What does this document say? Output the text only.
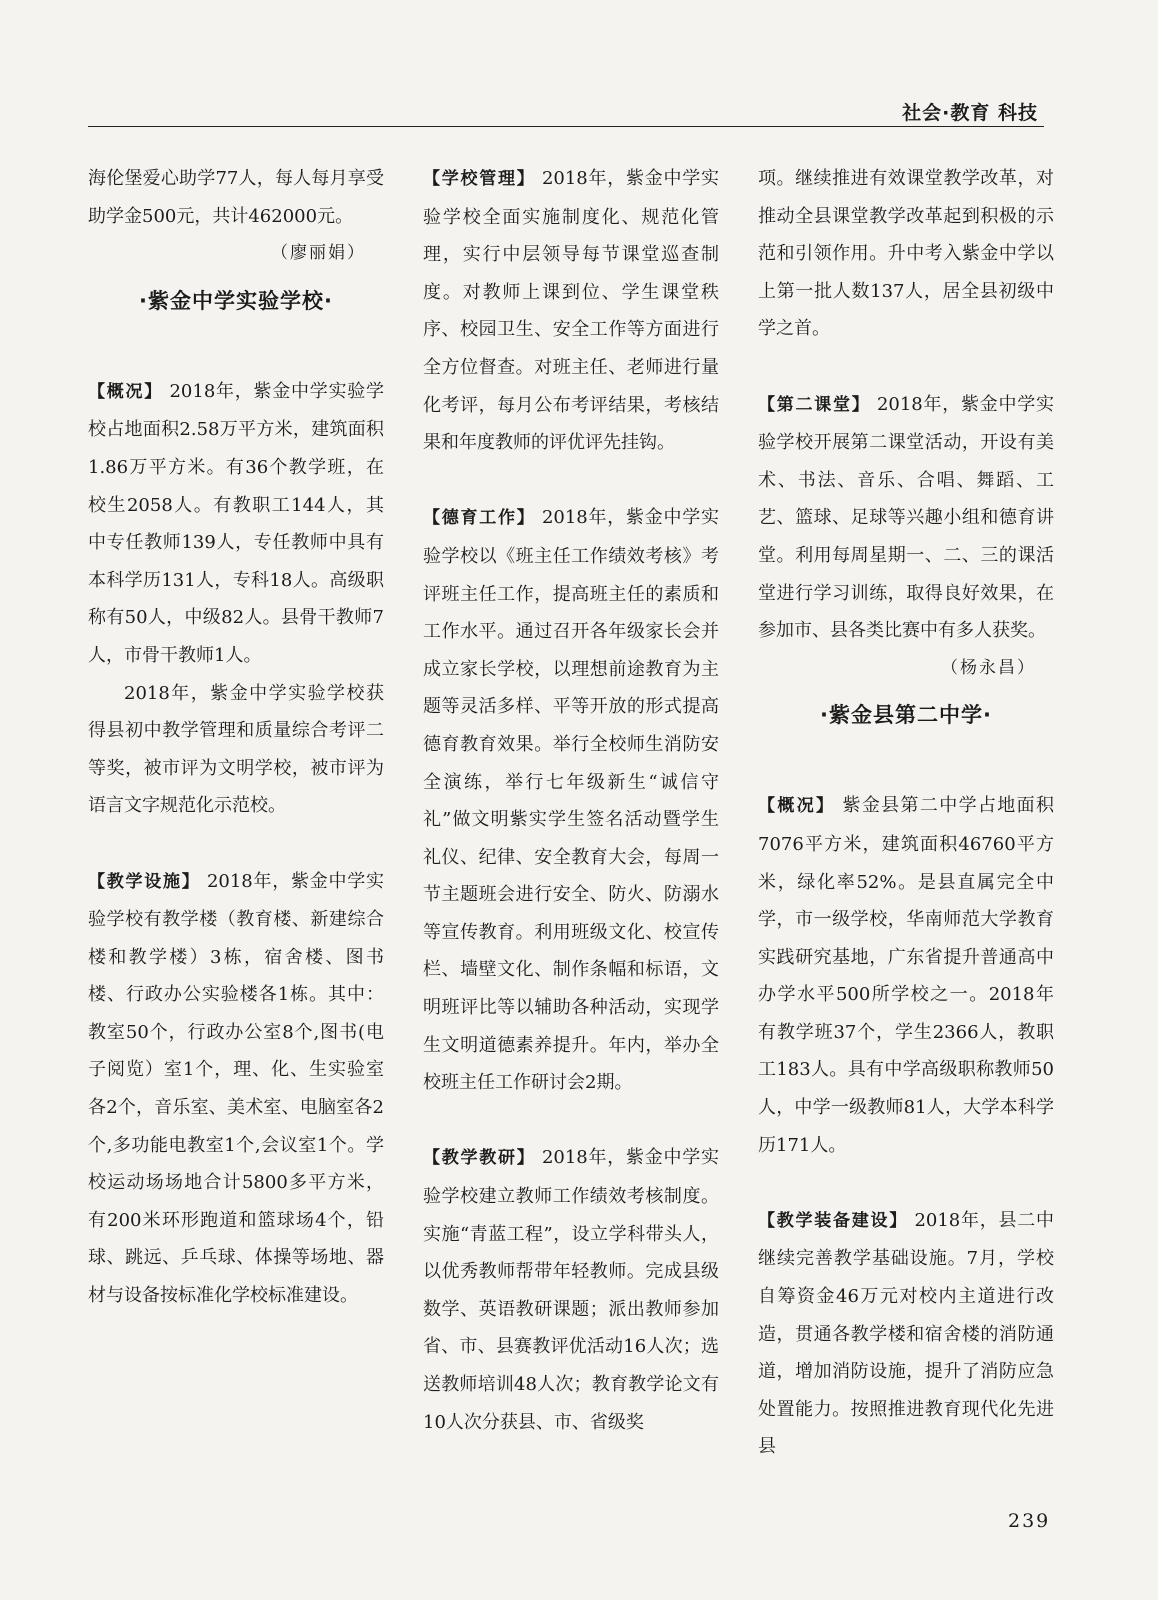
社会·教育 科技

海伦堡爱心助学77人，每人每月享受助学金500元，共计462000元。

（廖丽娟）

·紫金中学实验学校·

【概况】 2018年，紫金中学实验学校占地面积2.58万平方米，建筑面积1.86万平方米。有36个教学班，在校生2058人。有教职工144人，其中专任教师139人，专任教师中具有本科学历131人，专科18人。高级职称有50人，中级82人。县骨干教师7人，市骨干教师1人。

2018年，紫金中学实验学校获得县初中教学管理和质量综合考评二等奖，被市评为文明学校，被市评为语言文字规范化示范校。

【教学设施】 2018年，紫金中学实验学校有教学楼（教育楼、新建综合楼和教学楼）3栋，宿舍楼、图书楼、行政办公实验楼各1栋。其中：教室50个，行政办公室8个,图书(电子阅览）室1个，理、化、生实验室各2个，音乐室、美术室、电脑室各2个,多功能电教室1个,会议室1个。学校运动场场地合计5800多平方米，有200米环形跑道和篮球场4个，铅球、跳远、乒乓球、体操等场地、器材与设备按标准化学校标准建设。

【学校管理】 2018年，紫金中学实验学校全面实施制度化、规范化管理，实行中层领导每节课堂巡查制度。对教师上课到位、学生课堂秩序、校园卫生、安全工作等方面进行全方位督查。对班主任、老师进行量化考评，每月公布考评结果，考核结果和年度教师的评优评先挂钩。

【德育工作】 2018年，紫金中学实验学校以《班主任工作绩效考核》考评班主任工作，提高班主任的素质和工作水平。通过召开各年级家长会并成立家长学校，以理想前途教育为主题等灵活多样、平等开放的形式提高德育教育效果。举行全校师生消防安全演练，举行七年级新生“诚信守礼”做文明紫实学生签名活动暨学生礼仪、纪律、安全教育大会，每周一节主题班会进行安全、防火、防溺水等宣传教育。利用班级文化、校宣传栏、墙壁文化、制作条幅和标语，文明班评比等以辅助各种活动，实现学生文明道德素养提升。年内，举办全校班主任工作研讨会2期。

【教学教研】 2018年，紫金中学实验学校建立教师工作绩效考核制度。实施“青蓝工程”，设立学科带头人，以优秀教师帮带年轻教师。完成县级数学、英语教研课题；派出教师参加省、市、县赛教评优活动16人次；选送教师培训48人次；教育教学论文有10人次分获县、市、省级奖

项。继续推进有效课堂教学改革，对推动全县课堂教学改革起到积极的示范和引领作用。升中考入紫金中学以上第一批人数137人，居全县初级中学之首。

【第二课堂】 2018年，紫金中学实验学校开展第二课堂活动，开设有美术、书法、音乐、合唱、舞蹈、工艺、篮球、足球等兴趣小组和德育讲堂。利用每周星期一、二、三的课活堂进行学习训练，取得良好效果，在参加市、县各类比赛中有多人获奖。

（杨永昌）

·紫金县第二中学·

【概况】 紫金县第二中学占地面积7076平方米，建筑面积46760平方米，绿化率52%。是县直属完全中学，市一级学校，华南师范大学教育实践研究基地，广东省提升普通高中办学水平500所学校之一。2018年有教学班37个，学生2366人，教职工183人。具有中学高级职称教师50人，中学一级教师81人，大学本科学历171人。

【教学装备建设】 2018年，县二中继续完善教学基础设施。7月，学校自筹资金46万元对校内主道进行改造，贯通各教学楼和宿舍楼的消防通道，增加消防设施，提升了消防应急处置能力。按照推进教育现代化先进县

239
